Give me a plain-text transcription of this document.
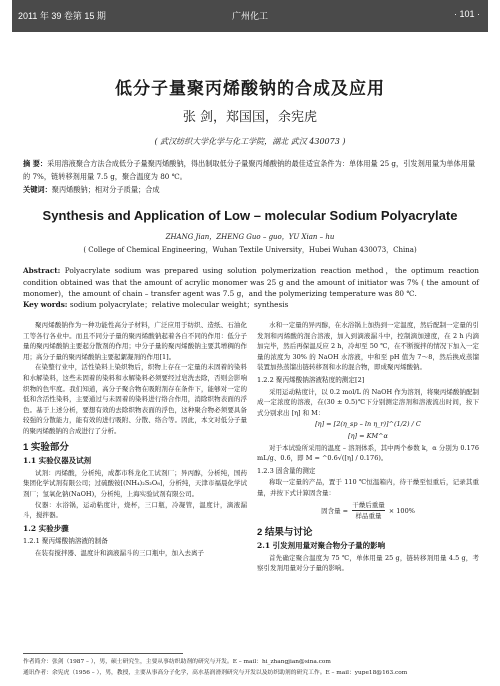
2011 年 39 卷第 15 期	广州化工	· 101 ·
低分子量聚丙烯酸钠的合成及应用
张 剑，郑国国，余宪虎
( 武汉纺织大学化学与化工学院，湖北 武汉 430073 )
摘 要：采用溶液聚合方法合成低分子量聚丙烯酸钠，得出制取低分子量聚丙烯酸钠的最佳适宜条件为：单体用量 25 g，引发剂用量为单体用量的 7%，链转移剂用量 7.5 g，聚合温度为 80 ℃。
关键词：聚丙烯酸钠；相对分子质量；合成
Synthesis and Application of Low – molecular Sodium Polyacrylate
ZHANG Jian，ZHENG Guo – guo，YU Xian – hu
( College of Chemical Engineering，Wuhan Textile University，Hubei Wuhan 430073，China)
Abstract: Polyacrylate sodium was prepared using solution polymerization reaction method，the optimum reaction condition obtained was that the amount of acrylic monomer was 25 g and the amount of initiator was 7% ( the amount of monomer)，the amount of chain – transfer agent was 7.5 g，and the polymerizing temperature was 80 ℃.
Key words: sodium polyacrylate；relative molecular weight；synthesis

聚丙烯酸钠作为一种功能性高分子材料，广泛应用于纺织、造纸、石油化工等各行各业中。而且不同分子量的聚丙烯酸钠起着各自不同的作用：低分子量的聚丙烯酸钠主要起分散剂的作用；中分子量的聚丙烯酸钠主要其增稠的作用；高分子量的聚丙烯酸钠主要起絮凝剂的作用[1]。

在染整行业中，活性染料上染织物后，织物上存在一定量的未固着的染料和水解染料，这些未固着的染料和水解染料必须要经过皂洗去除，否则会影响织物的色牢度。我们知道，高分子聚合物在吸附剂存在条件下，能够对一定的低和含活性染料，主要通过与未固着的染料进行络合作用，消除织物表面的浮色。基于上述分析，要想有效的去除织物表面的浮色，这种聚合物必须要具备较强的分散能力，能有效的进行吸附、分散、络合等。因此，本文对低分子量的聚丙烯酸钠的合成进行了分析。

1 实验部分
1.1 实验仪器及试剂

试剂：丙烯酸，分析纯，成都市科龙化工试剂厂；异丙醇，分析纯，国药集团化学试剂有限公司；过硫酸铵[(NH₄)₂S₂O₈]，分析纯，天津市福晨化学试剂厂；氢氧化钠(NaOH)，分析纯，上海实验试剂有限公司。

仪器：水浴锅，运动粘度计，烧杯，三口瓶，冷凝管，温度计，滴液漏斗，搅拌器。

1.2 实验步骤
1.2.1 聚丙烯酸钠溶液的制备

在装有搅拌器、温度计和滴液漏斗的三口瓶中，加入去离子

水和一定量的异丙醇，在水浴锅上加热到一定温度，然后配制一定量的引发剂和丙烯酸的混合溶液，加入到滴液漏斗中，控制滴加速度，在 2 h 内滴加完毕，然后再保温反应 2 h，冷却至 50 ℃，在不断搅拌的情况下加入一定量的浓度为 30% 的 NaOH 水溶液，中和至 pH 值为 7～8，然后换成蒸馏装置加热蒸馏出链转移剂和水的混合物，即成聚丙烯酸钠。

1.2.2 聚丙烯酸钠溶液粘度的测定[2]

采用运动粘度计，以 0.2 mol/L 的 NaOH 作为溶剂，将聚丙烯酸钠配制成一定浓度的溶液，在(30 ± 0.5)℃下分别测定溶剂和溶液流出时间，按下式分别求出 [η] 和 M：

[η] = [2(η_sp – ln η_r)]^(1/2) / C
[η] = KM^α

对于本试验所采用的温度 – 溶剂体系，其中两个参数 k，α 分别为 0.176 mL/g、0.6，即 M = ^0.6√([η] / 0.176)。

1.2.3 固含量的测定

称取一定量的产品，置于 110 ℃恒温箱内，待干燥至恒重后，记录其重量，并按下式计算固含量：

固含量 = $\frac{\text{干燥后重量}}{\text{样品重量}} \times 100\%$
2 结果与讨论
2.1 引发剂用量对聚合物分子量的影响

首先确定聚合温度为 75 ℃，单体用量 25 g，链转移剂用量 4.5 g，考察引发剂用量对分子量的影响。

作者简介：张剑（1987 – ），男，硕士研究生，主要从事纺织助剂的研究与开发。E – mail：hi_zhangjian@sina.com
通讯作者：余宪虎（1956 – ），男，教授，主要从事高分子化学，高水基润滑剂研究与开发以及纺织助剂的研究工作。E – mail：yupe18@163.com
